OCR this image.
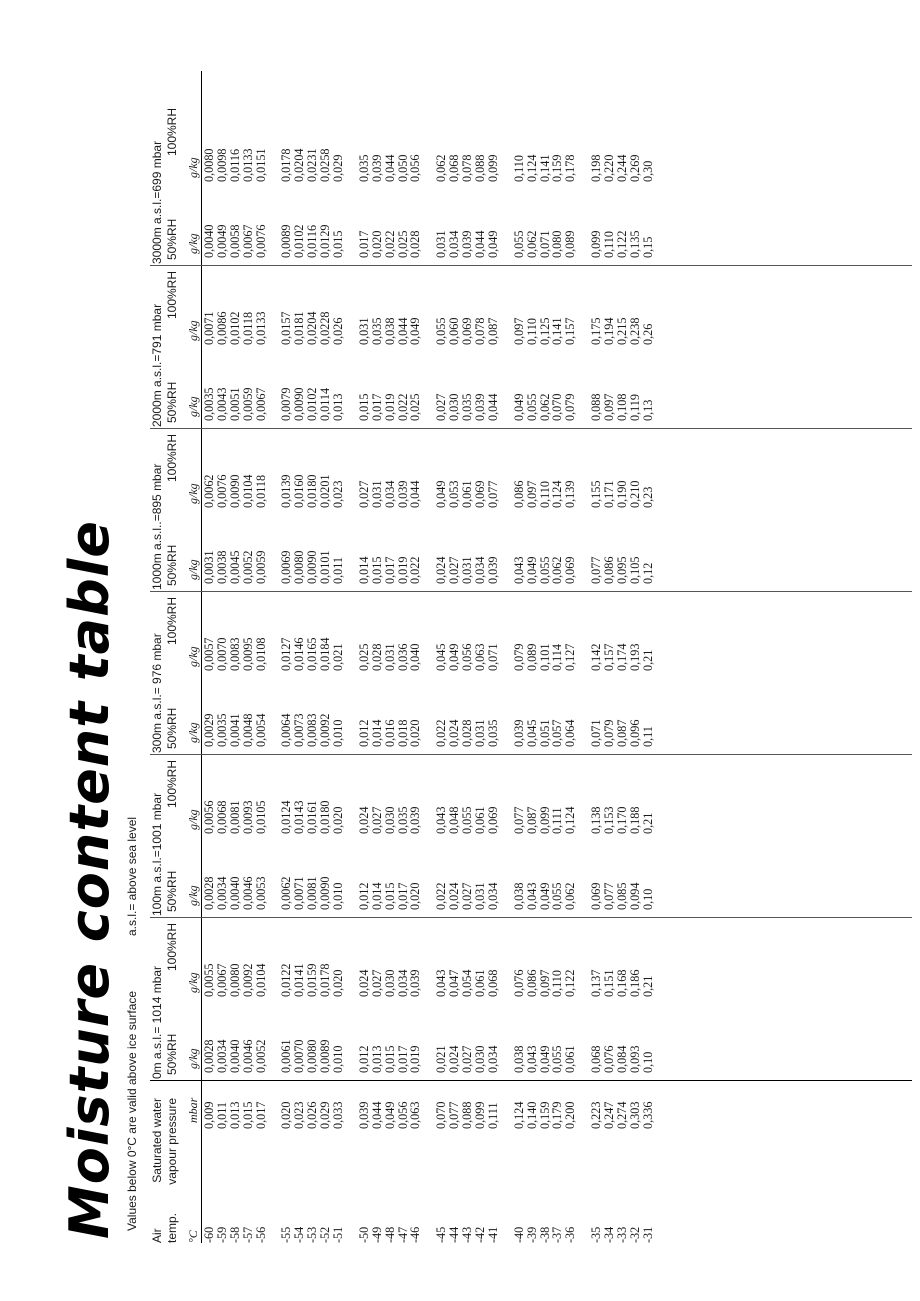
Moisture content table Values below 0°C are valid above ice surface
a.s.l.= above sea level
Air temp.
Saturated water vapour pressure
°C
mbar
g/kg
g/kg
g/kg
g/kg
g/kg
g/kg
g/kg
g/kg
g/kg
g/kg
g/kg
g/kg
-60
-59
-58
-57
-56 -55
-54
-53
-52
-51 -50
-49
-48
-47
-46 -45
-44
-43
-42
-41 -40
-39
-38
-37
-36 -35
-34
-33
-32
-31
0,009
0,011
0,013
0,015
0,017 0,020
0,023
0,026
0,029
0,033 0,039
0,044
0,049
0,056
0,063 0,070
0,077
0,088
0,099
0,111 0,124
0,140
0,159
0,179
0,200 0,223
0,247
0,274
0,303
0,336
0m a.s.l.= 1014 mbar 50%RH
100%RH
0,0028
0,0034
0,0040
0,0046
0,0052 0,0061
0,0070
0,0080
0,0089
0,010 0,012
0,013
0,015
0,017
0,019 0,021
0,024
0,027
0,030
0,034 0,038
0,043
0,049
0,055
0,061 0,068
0,076
0,084
0,093
0,10
0,0055
0,0067
0,0080
0,0092
0,0104 0,0122
0,0141
0,0159
0,0178
0,020 0,024
0,027
0,030
0,034
0,039 0,043
0,047
0,054
0,061
0,068 0,076
0,086
0,097
0,110
0,122 0,137
0,151
0,168
0,186
0,21
100m a.s.l.=1001 mbar 50%RH
100%RH
0,0028
0,0034
0,0040
0,0046
0,0053 0,0062
0,0071
0,0081
0,0090
0,010 0,012
0,014
0,015
0,017
0,020 0,022
0,024
0,027
0,031
0,034 0,038
0,043
0,049
0,055
0,062 0,069
0,077
0,085
0,094
0,10
0,0056
0,0068
0,0081
0,0093
0,0105 0,0124
0,0143
0,0161
0,0180
0,020 0,024
0,027
0,030
0,035
0,039 0,043
0,048
0,055
0,061
0,069 0,077
0,087
0,099
0,111
0,124 0,138
0,153
0,170
0,188
0,21
300m a.s.l.= 976 mbar 50%RH
100%RH
0,0029
0,0035
0,0041
0,0048
0,0054 0,0064
0,0073
0,0083
0,0092
0,010 0,012
0,014
0,016
0,018
0,020 0,022
0,024
0,028
0,031
0,035 0,039
0,045
0,051
0,057
0,064 0,071
0,079
0,087
0,096
0,11
0,0057
0,0070
0,0083
0,0095
0,0108 0,0127
0,0146
0,0165
0,0184
0,021 0,025
0,028
0,031
0,036
0,040 0,045
0,049
0,056
0,063
0,071 0,079
0,089
0,101
0,114
0,127 0,142
0,157
0,174
0,193
0,21
1000m a.s.l..=895 mbar 50%RH
100%RH
0,0031
0,0038
0,0045
0,0052
0,0059 0,0069
0,0080
0,0090
0,0101
0,011 0,014
0,015
0,017
0,019
0,022 0,024
0,027
0,031
0,034
0,039 0,043
0,049
0,055
0,062
0,069 0,077
0,086
0,095
0,105
0,12
0,0062
0,0076
0,0090
0,0104
0,0118 0,0139
0,0160
0,0180
0,0201
0,023 0,027
0,031
0,034
0,039
0,044 0,049
0,053
0,061
0,069
0,077 0,086
0,097
0,110
0,124
0,139 0,155
0,171
0,190
0,210
0,23
2000m a.s.l.=791 mbar 50%RH
100%RH
0,0035
0,0043
0,0051
0,0059
0,0067 0,0079
0,0090
0,0102
0,0114
0,013 0,015
0,017
0,019
0,022
0,025 0,027
0,030
0,035
0,039
0,044 0,049
0,055
0,062
0,070
0,079 0,088
0,097
0,108
0,119
0,13
0,0071
0,0086
0,0102
0,0118
0,0133 0,0157
0,0181
0,0204
0,0228
0,026 0,031
0,035
0,038
0,044
0,049 0,055
0,060
0,069
0,078
0,087 0,097
0,110
0,125
0,141
0,157 0,175
0,194
0,215
0,238
0,26
3000m a.s.l.=699 mbar 50%RH
100%RH
0,0040
0,0049
0,0058
0,0067
0,0076 0,0089
0,0102
0,0116
0,0129
0,015 0,017
0,020
0,022
0,025
0,028 0,031
0,034
0,039
0,044
0,049 0,055
0,062
0,071
0,080
0,089 0,099
0,110
0,122
0,135
0,15
0,0080
0,0098
0,0116
0,0133
0,0151 0,0178
0,0204
0,0231
0,0258
0,029 0,035
0,039
0,044
0,050
0,056 0,062
0,068
0,078
0,088
0,099 0,110
0,124
0,141
0,159
0,178 0,198
0,220
0,244
0,269
0,30
